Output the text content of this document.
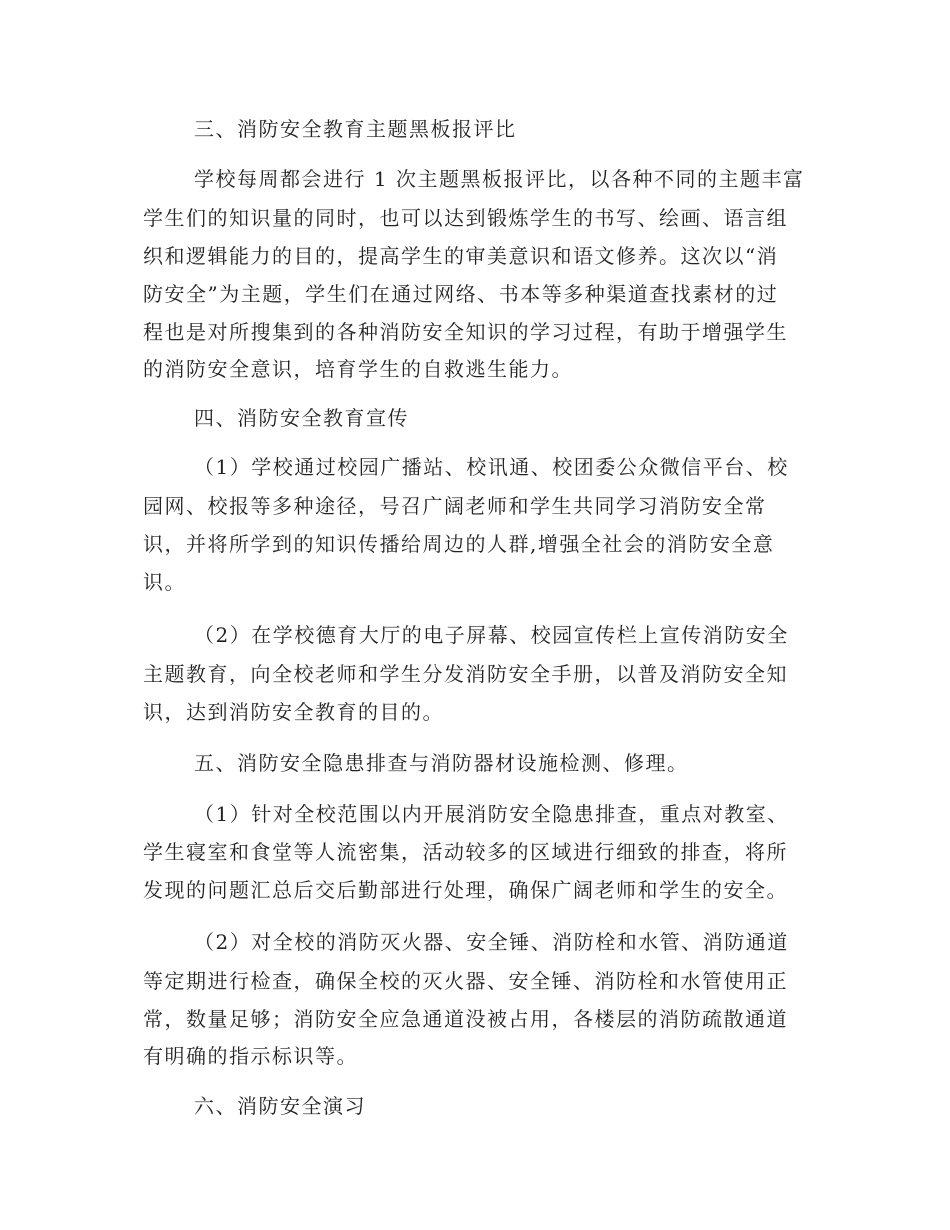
三、消防安全教育主题黑板报评比

学校每周都会进行 1 次主题黑板报评比，以各种不同的主题丰富

学生们的知识量的同时，也可以达到锻炼学生的书写、绘画、语言组

织和逻辑能力的目的，提高学生的审美意识和语文修养。这次以“消

防安全”为主题，学生们在通过网络、书本等多种渠道查找素材的过

程也是对所搜集到的各种消防安全知识的学习过程，有助于增强学生

的消防安全意识，培育学生的自救逃生能力。

四、消防安全教育宣传

（1）学校通过校园广播站、校讯通、校团委公众微信平台、校

园网、校报等多种途径，号召广阔老师和学生共同学习消防安全常

识，并将所学到的知识传播给周边的人群,增强全社会的消防安全意

识。

（2）在学校德育大厅的电子屏幕、校园宣传栏上宣传消防安全

主题教育，向全校老师和学生分发消防安全手册，以普及消防安全知

识，达到消防安全教育的目的。

五、消防安全隐患排查与消防器材设施检测、修理。

（1）针对全校范围以内开展消防安全隐患排查，重点对教室、

学生寝室和食堂等人流密集，活动较多的区域进行细致的排查，将所

发现的问题汇总后交后勤部进行处理，确保广阔老师和学生的安全。

（2）对全校的消防灭火器、安全锤、消防栓和水管、消防通道

等定期进行检查，确保全校的灭火器、安全锤、消防栓和水管使用正

常，数量足够；消防安全应急通道没被占用，各楼层的消防疏散通道

有明确的指示标识等。

六、消防安全演习
